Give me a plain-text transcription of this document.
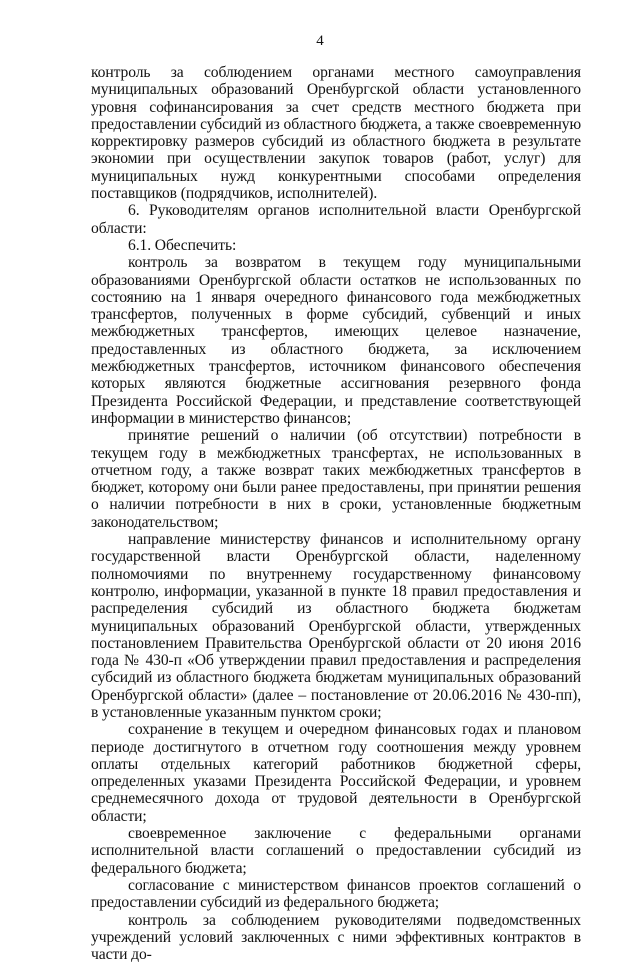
4

контроль за соблюдением органами местного самоуправления муниципальных образований Оренбургской области установленного уровня софинансирования за счет средств местного бюджета при предоставлении субсидий из областного бюджета, а также своевременную корректировку размеров субсидий из областного бюджета в результате экономии при осуществлении закупок товаров (работ, услуг) для муниципальных нужд конкурентными способами определения поставщиков (подрядчиков, исполнителей).

6. Руководителям органов исполнительной власти Оренбургской области:

6.1. Обеспечить:

контроль за возвратом в текущем году муниципальными образованиями Оренбургской области остатков не использованных по состоянию на 1 января очередного финансового года межбюджетных трансфертов, полученных в форме субсидий, субвенций и иных межбюджетных трансфертов, имеющих целевое назначение, предоставленных из областного бюджета, за исключением межбюджетных трансфертов, источником финансового обеспечения которых являются бюджетные ассигнования резервного фонда Президента Российской Федерации, и представление соответствующей информации в министерство финансов;

принятие решений о наличии (об отсутствии) потребности в текущем году в межбюджетных трансфертах, не использованных в отчетном году, а также возврат таких межбюджетных трансфертов в бюджет, которому они были ранее предоставлены, при принятии решения о наличии потребности в них в сроки, установленные бюджетным законодательством;

направление министерству финансов и исполнительному органу государственной власти Оренбургской области, наделенному полномочиями по внутреннему государственному финансовому контролю, информации, указанной в пункте 18 правил предоставления и распределения субсидий из областного бюджета бюджетам муниципальных образований Оренбургской области, утвержденных постановлением Правительства Оренбургской области от 20 июня 2016 года № 430-п «Об утверждении правил предоставления и распределения субсидий из областного бюджета бюджетам муниципальных образований Оренбургской области» (далее – постановление от 20.06.2016 № 430-пп), в установленные указанным пунктом сроки;

сохранение в текущем и очередном финансовых годах и плановом периоде достигнутого в отчетном году соотношения между уровнем оплаты отдельных категорий работников бюджетной сферы, определенных указами Президента Российской Федерации, и уровнем среднемесячного дохода от трудовой деятельности в Оренбургской области;

своевременное заключение с федеральными органами исполнительной власти соглашений о предоставлении субсидий из федерального бюджета;

согласование с министерством финансов проектов соглашений о предоставлении субсидий из федерального бюджета;

контроль за соблюдением руководителями подведомственных учреждений условий заключенных с ними эффективных контрактов в части до-
